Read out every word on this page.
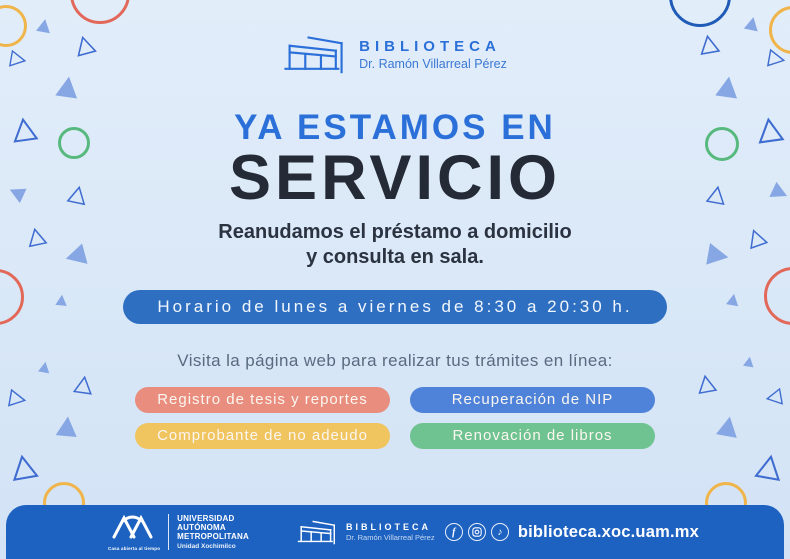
BIBLIOTECA
Dr. Ramón Villarreal Pérez
YA ESTAMOS EN
SERVICIO

Reanudamos el préstamo a domicilio
y consulta en sala.

Horario de lunes a viernes de 8:30 a 20:30 h.

Visita la página web para realizar tus trámites en línea:

Registro de tesis y reportes	Recuperación de NIP
Comprobante de no adeudo	Renovación de libros
Casa abierta al tiempo
UNIVERSIDAD
AUTÓNOMA
METROPOLITANA
Unidad Xochimilco
BIBLIOTECA
Dr. Ramón Villarreal Pérez	f	♪ biblioteca.xoc.uam.mx
